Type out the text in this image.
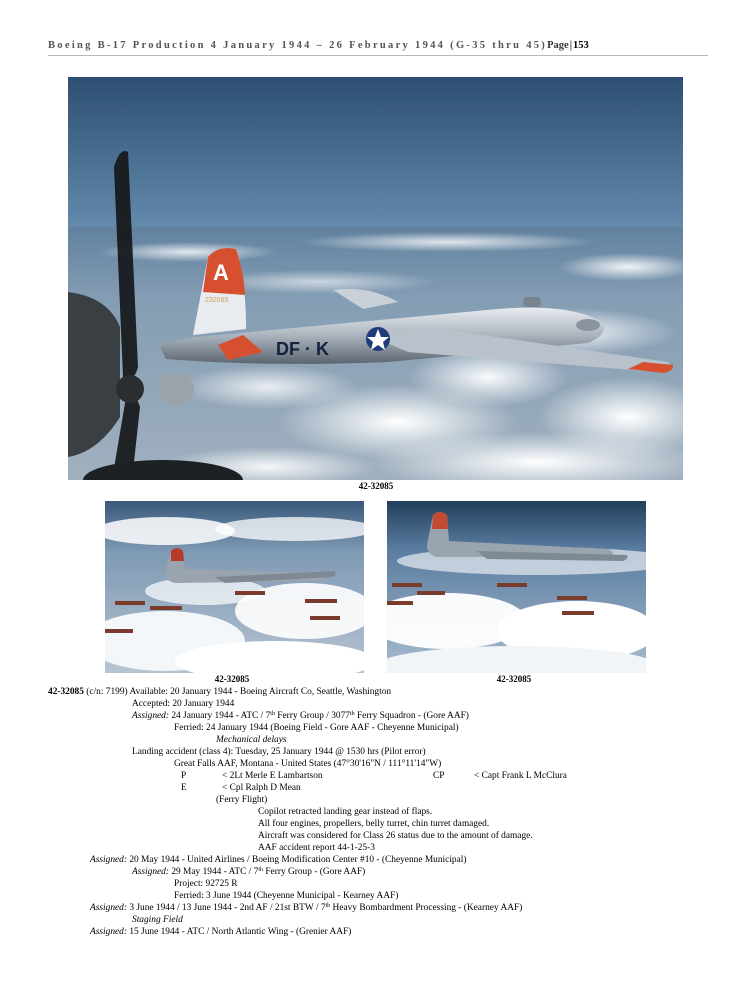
Boeing B-17 Production 4 January 1944 – 26 February 1944 (G-35 thru 45)Page|153
A
232085
DF · K
42-32085
42-32085	42-32085
42-32085 (c/n: 7199) Available: 20 January 1944 - Boeing Aircraft Co, Seattle, Washington
Accepted: 20 January 1944
Assigned: 24 January 1944 - ATC / 7th Ferry Group / 3077th Ferry Squadron - (Gore AAF)
Ferried: 24 January 1944 (Boeing Field - Gore AAF - Cheyenne Municipal)
Mechanical delays
Landing accident (class 4): Tuesday, 25 January 1944 @ 1530 hrs (Pilot error)
Great Falls AAF, Montana - United States (47°30'16"N / 111°11'14"W)
P	< 2Lt Merle E Lambartson	CP	< Capt Frank L McClura
E	< Cpl Ralph D Mean
(Ferry Flight)
Copilot retracted landing gear instead of flaps.
All four engines, propellers, belly turret, chin turret damaged.
Aircraft was considered for Class 26 status due to the amount of damage.
AAF accident report 44-1-25-3
Assigned: 20 May 1944 - United Airlines / Boeing Modification Center #10 - (Cheyenne Municipal)
Assigned: 29 May 1944 - ATC / 7th Ferry Group - (Gore AAF)
Project: 92725 R
Ferried: 3 June 1944 (Cheyenne Municipal - Kearney AAF)
Assigned: 3 June 1944 / 13 June 1944 - 2nd AF / 21st BTW / 7th Heavy Bombardment Processing - (Kearney AAF)
Staging Field
Assigned: 15 June 1944 - ATC / North Atlantic Wing - (Grenier AAF)
